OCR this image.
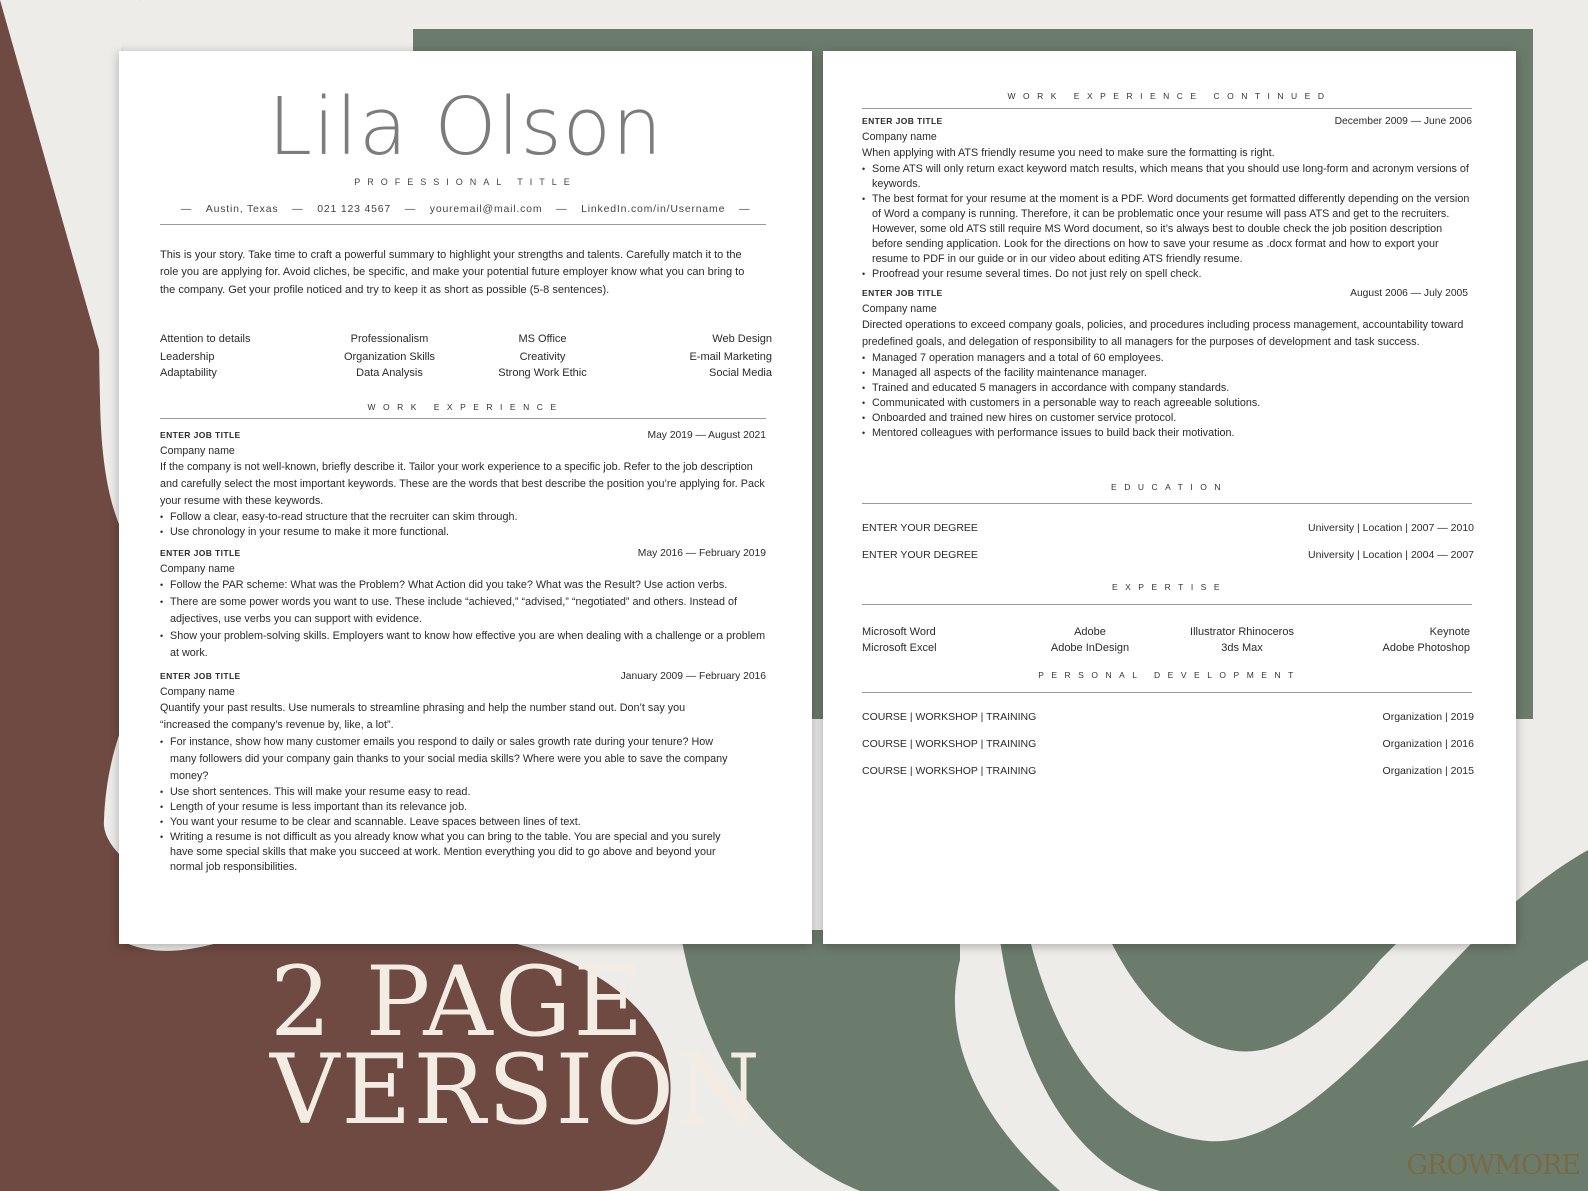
Lila Olson
PROFESSIONAL TITLE
— Austin, Texas — 021 123 4567 — youremail@mail.com — LinkedIn.com/in/Username —
This is your story. Take time to craft a powerful summary to highlight your strengths and talents. Carefully match it to the role you are applying for. Avoid cliches, be specific, and make your potential future employer know what you can bring to the company. Get your profile noticed and try to keep it as short as possible (5-8 sentences).
Attention to details	Professionalism	MS Office	Web Design
Leadership	Organization Skills	Creativity	E-mail Marketing
Adaptability	Data Analysis	Strong Work Ethic	Social Media
WORK EXPERIENCE
ENTER JOB TITLE	May 2019 — August 2021
Company name
If the company is not well-known, briefly describe it. Tailor your work experience to a specific job. Refer to the job description and carefully select the most important keywords. These are the words that best describe the position you’re applying for. Pack your resume with these keywords.
• Follow a clear, easy-to-read structure that the recruiter can skim through.
• Use chronology in your resume to make it more functional.
ENTER JOB TITLE	May 2016 — February 2019
Company name
• Follow the PAR scheme: What was the Problem? What Action did you take? What was the Result? Use action verbs.
• There are some power words you want to use. These include “achieved,” “advised,” “negotiated” and others. Instead of adjectives, use verbs you can support with evidence.
• Show your problem-solving skills. Employers want to know how effective you are when dealing with a challenge or a problem at work.
ENTER JOB TITLE	January 2009 — February 2016
Company name
Quantify your past results. Use numerals to streamline phrasing and help the number stand out. Don’t say you “increased the company’s revenue by, like, a lot”.
• For instance, show how many customer emails you respond to daily or sales growth rate during your tenure? How many followers did your company gain thanks to your social media skills? Where were you able to save the company money?
• Use short sentences. This will make your resume easy to read.
• Length of your resume is less important than its relevance job.
• You want your resume to be clear and scannable. Leave spaces between lines of text.
• Writing a resume is not difficult as you already know what you can bring to the table. You are special and you surely have some special skills that make you succeed at work. Mention everything you did to go above and beyond your normal job responsibilities.
WORK EXPERIENCE CONTINUED
ENTER JOB TITLE	December 2009 — June 2006
Company name
When applying with ATS friendly resume you need to make sure the formatting is right.
• Some ATS will only return exact keyword match results, which means that you should use long-form and acronym versions of keywords.
• The best format for your resume at the moment is a PDF. Word documents get formatted differently depending on the version of Word a company is running. Therefore, it can be problematic once your resume will pass ATS and get to the recruiters. However, some old ATS still require MS Word document, so it’s always best to double check the job position description before sending application. Look for the directions on how to save your resume as .docx format and how to export your resume to PDF in our guide or in our video about editing ATS friendly resume.
• Proofread your resume several times. Do not just rely on spell check.
ENTER JOB TITLE	August 2006 — July 2005
Company name
Directed operations to exceed company goals, policies, and procedures including process management, accountability toward predefined goals, and delegation of responsibility to all managers for the purposes of development and task success.
• Managed 7 operation managers and a total of 60 employees.
• Managed all aspects of the facility maintenance manager.
• Trained and educated 5 managers in accordance with company standards.
• Communicated with customers in a personable way to reach agreeable solutions.
• Onboarded and trained new hires on customer service protocol.
• Mentored colleagues with performance issues to build back their motivation.
EDUCATION
ENTER YOUR DEGREE	University | Location | 2007 — 2010
ENTER YOUR DEGREE	University | Location | 2004 — 2007
EXPERTISE
Microsoft Word	Adobe	Illustrator Rhinoceros	Keynote
Microsoft Excel	Adobe InDesign	3ds Max	Adobe Photoshop
PERSONAL DEVELOPMENT
COURSE | WORKSHOP | TRAINING	Organization | 2019
COURSE | WORKSHOP | TRAINING	Organization | 2016
COURSE | WORKSHOP | TRAINING	Organization | 2015
2 PAGE
VERSION
GROWMORE
